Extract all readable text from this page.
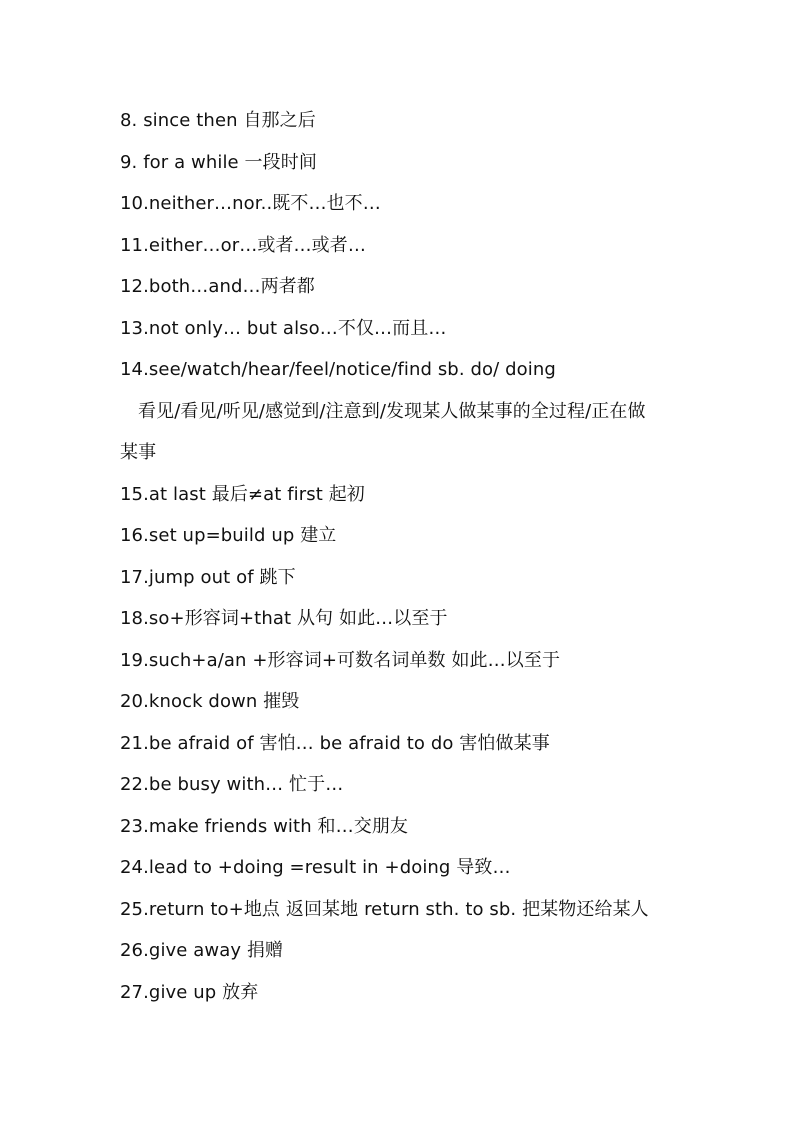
8. since then 自那之后
9. for a while 一段时间
10.neither…nor..既不…也不…
11.either…or…或者…或者…
12.both…and…两者都
13.not only… but also…不仅…而且…
14.see/watch/hear/feel/notice/find sb. do/ doing
看见/看见/听见/感觉到/注意到/发现某人做某事的全过程/正在做
某事
15.at last 最后≠at first 起初
16.set up=build up 建立
17.jump out of 跳下
18.so+形容词+that 从句 如此…以至于
19.such+a/an +形容词+可数名词单数 如此…以至于
20.knock down 摧毁
21.be afraid of 害怕… be afraid to do 害怕做某事
22.be busy with… 忙于…
23.make friends with 和…交朋友
24.lead to +doing =result in +doing 导致…
25.return to+地点 返回某地 return sth. to sb. 把某物还给某人
26.give away 捐赠
27.give up 放弃
